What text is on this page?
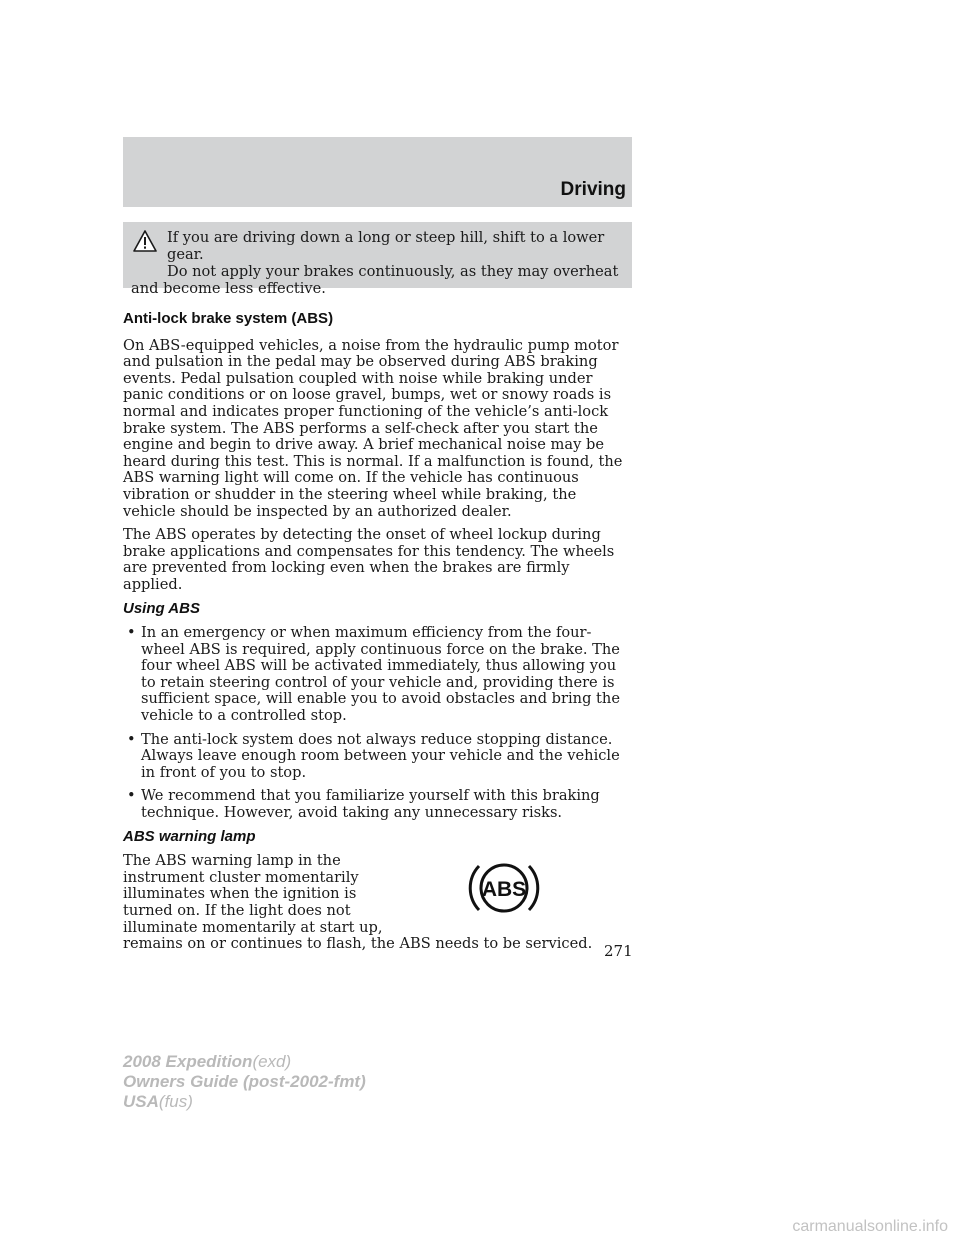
Driving
If you are driving down a long or steep hill, shift to a lower gear.
Do not apply your brakes continuously, as they may overheat
and become less effective.
Anti-lock brake system (ABS)

On ABS-equipped vehicles, a noise from the hydraulic pump motor and pulsation in the pedal may be observed during ABS braking events. Pedal pulsation coupled with noise while braking under panic conditions or on loose gravel, bumps, wet or snowy roads is normal and indicates proper functioning of the vehicle’s anti-lock brake system. The ABS performs a self-check after you start the engine and begin to drive away. A brief mechanical noise may be heard during this test. This is normal. If a malfunction is found, the ABS warning light will come on. If the vehicle has continuous vibration or shudder in the steering wheel while braking, the vehicle should be inspected by an authorized dealer.

The ABS operates by detecting the onset of wheel lockup during brake applications and compensates for this tendency. The wheels are prevented from locking even when the brakes are firmly applied.

Using ABS
• In an emergency or when maximum efficiency from the four-wheel ABS is required, apply continuous force on the brake. The four wheel ABS will be activated immediately, thus allowing you to retain steering control of your vehicle and, providing there is sufficient space, will enable you to avoid obstacles and bring the vehicle to a controlled stop.
• The anti-lock system does not always reduce stopping distance. Always leave enough room between your vehicle and the vehicle in front of you to stop.
• We recommend that you familiarize yourself with this braking technique. However, avoid taking any unnecessary risks.
ABS warning lamp

The ABS warning lamp in the instrument cluster momentarily illuminates when the ignition is turned on. If the light does not illuminate momentarily at start up,

remains on or continues to flash, the ABS needs to be serviced.

ABS
271
2008 Expedition(exd)
Owners Guide (post-2002-fmt)
USA(fus)
carmanualsonline.info
